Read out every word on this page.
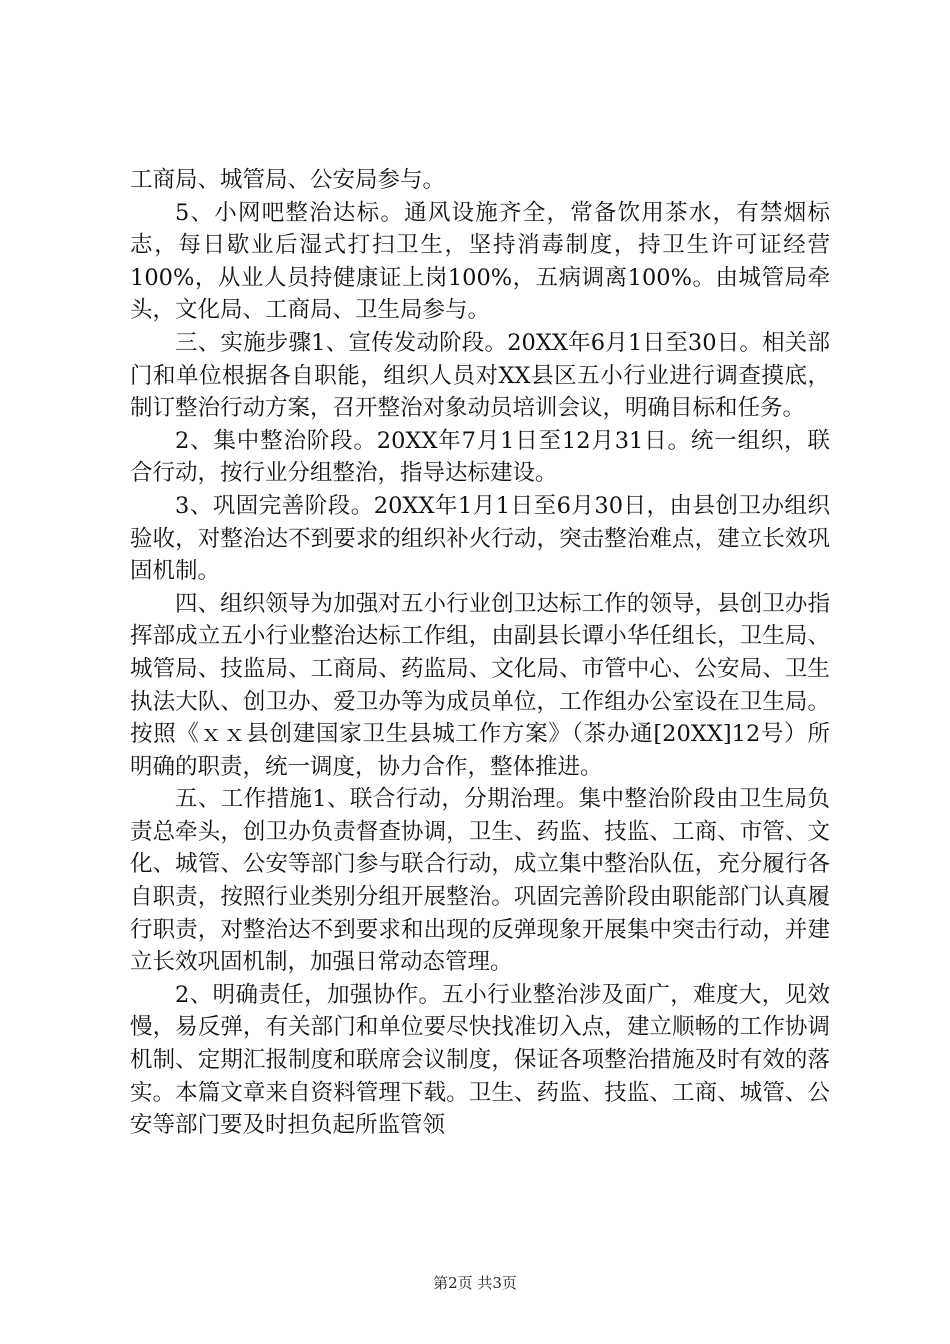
工商局、城管局、公安局参与。

5、小网吧整治达标。通风设施齐全，常备饮用茶水，有禁烟标志，每日歇业后湿式打扫卫生，坚持消毒制度，持卫生许可证经营100%，从业人员持健康证上岗100%，五病调离100%。由城管局牵头，文化局、工商局、卫生局参与。

三、实施步骤1、宣传发动阶段。20XX年6月1日至30日。相关部门和单位根据各自职能，组织人员对XX县区五小行业进行调查摸底，制订整治行动方案，召开整治对象动员培训会议，明确目标和任务。

2、集中整治阶段。20XX年7月1日至12月31日。统一组织，联合行动，按行业分组整治，指导达标建设。

3、巩固完善阶段。20XX年1月1日至6月30日，由县创卫办组织验收，对整治达不到要求的组织补火行动，突击整治难点，建立长效巩固机制。

四、组织领导为加强对五小行业创卫达标工作的领导，县创卫办指挥部成立五小行业整治达标工作组，由副县长谭小华任组长，卫生局、城管局、技监局、工商局、药监局、文化局、市管中心、公安局、卫生执法大队、创卫办、爱卫办等为成员单位，工作组办公室设在卫生局。按照《ｘｘ县创建国家卫生县城工作方案》（茶办通[20XX]12号）所明确的职责，统一调度，协力合作，整体推进。

五、工作措施1、联合行动，分期治理。集中整治阶段由卫生局负责总牵头，创卫办负责督查协调，卫生、药监、技监、工商、市管、文化、城管、公安等部门参与联合行动，成立集中整治队伍，充分履行各自职责，按照行业类别分组开展整治。巩固完善阶段由职能部门认真履行职责，对整治达不到要求和出现的反弹现象开展集中突击行动，并建立长效巩固机制，加强日常动态管理。

2、明确责任，加强协作。五小行业整治涉及面广，难度大，见效慢，易反弹，有关部门和单位要尽快找准切入点，建立顺畅的工作协调机制、定期汇报制度和联席会议制度，保证各项整治措施及时有效的落实。本篇文章来自资料管理下载。卫生、药监、技监、工商、城管、公安等部门要及时担负起所监管领

第2页 共3页
